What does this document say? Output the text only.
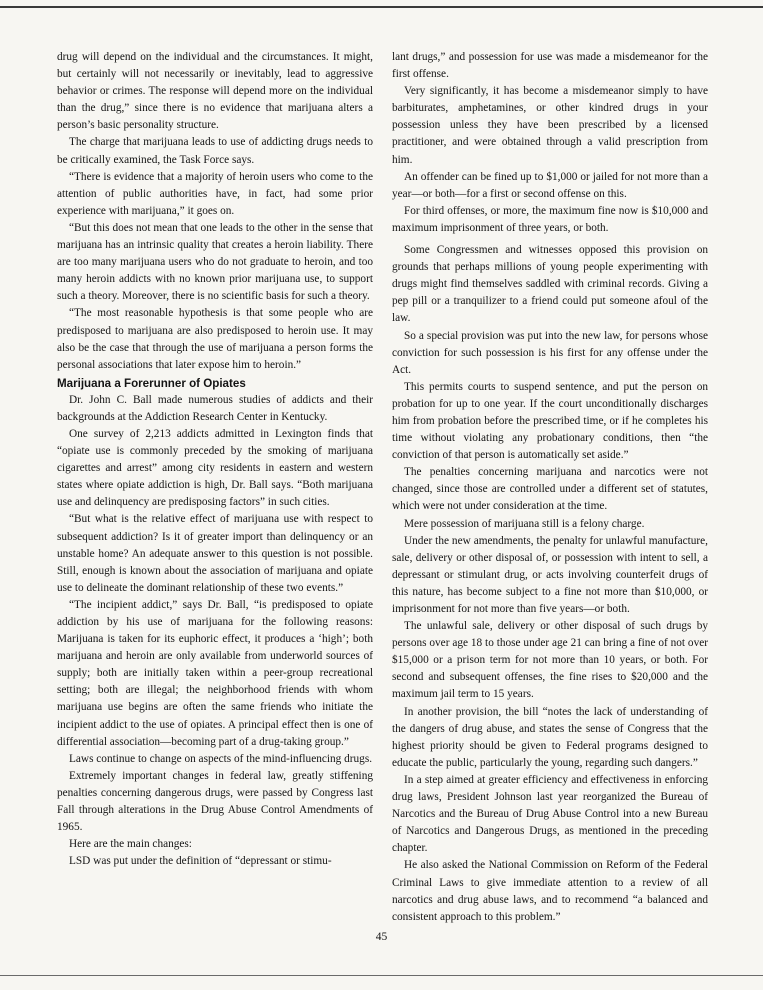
drug will depend on the individual and the circumstances. It might, but certainly will not necessarily or inevitably, lead to aggressive behavior or crimes. The response will depend more on the individual than the drug,” since there is no evidence that marijuana alters a person’s basic personality structure.

The charge that marijuana leads to use of addicting drugs needs to be critically examined, the Task Force says.

“There is evidence that a majority of heroin users who come to the attention of public authorities have, in fact, had some prior experience with marijuana,” it goes on.

“But this does not mean that one leads to the other in the sense that marijuana has an intrinsic quality that creates a heroin liability. There are too many marijuana users who do not graduate to heroin, and too many heroin addicts with no known prior marijuana use, to support such a theory. Moreover, there is no scientific basis for such a theory.

“The most reasonable hypothesis is that some people who are predisposed to marijuana are also predisposed to heroin use. It may also be the case that through the use of marijuana a person forms the personal associations that later expose him to heroin.”

Marijuana a Forerunner of Opiates

Dr. John C. Ball made numerous studies of addicts and their backgrounds at the Addiction Research Center in Kentucky.

One survey of 2,213 addicts admitted in Lexington finds that “opiate use is commonly preceded by the smoking of marijuana cigarettes and arrest” among city residents in eastern and western states where opiate addiction is high, Dr. Ball says. “Both marijuana use and delinquency are predisposing factors” in such cities.

“But what is the relative effect of marijuana use with respect to subsequent addiction? Is it of greater import than delinquency or an unstable home? An adequate answer to this question is not possible. Still, enough is known about the association of marijuana and opiate use to delineate the dominant relationship of these two events.”

“The incipient addict,” says Dr. Ball, “is predisposed to opiate addiction by his use of marijuana for the following reasons: Marijuana is taken for its euphoric effect, it produces a ‘high’; both marijuana and heroin are only available from underworld sources of supply; both are initially taken within a peer-group recreational setting; both are illegal; the neighborhood friends with whom marijuana use begins are often the same friends who initiate the incipient addict to the use of opiates. A principal effect then is one of differential association—becoming part of a drug-taking group.”

Laws continue to change on aspects of the mind-influencing drugs.

Extremely important changes in federal law, greatly stiffening penalties concerning dangerous drugs, were passed by Congress last Fall through alterations in the Drug Abuse Control Amendments of 1965.

Here are the main changes:

LSD was put under the definition of “depressant or stimu-

lant drugs,” and possession for use was made a misdemeanor for the first offense.

Very significantly, it has become a misdemeanor simply to have barbiturates, amphetamines, or other kindred drugs in your possession unless they have been prescribed by a licensed practitioner, and were obtained through a valid prescription from him.

An offender can be fined up to $1,000 or jailed for not more than a year—or both—for a first or second offense on this.

For third offenses, or more, the maximum fine now is $10,000 and maximum imprisonment of three years, or both.

Some Congressmen and witnesses opposed this provision on grounds that perhaps millions of young people experimenting with drugs might find themselves saddled with criminal records. Giving a pep pill or a tranquilizer to a friend could put someone afoul of the law.

So a special provision was put into the new law, for persons whose conviction for such possession is his first for any offense under the Act.

This permits courts to suspend sentence, and put the person on probation for up to one year. If the court unconditionally discharges him from probation before the prescribed time, or if he completes his time without violating any probationary conditions, then “the conviction of that person is automatically set aside.”

The penalties concerning marijuana and narcotics were not changed, since those are controlled under a different set of statutes, which were not under consideration at the time.

Mere possession of marijuana still is a felony charge.

Under the new amendments, the penalty for unlawful manufacture, sale, delivery or other disposal of, or possession with intent to sell, a depressant or stimulant drug, or acts involving counterfeit drugs of this nature, has become subject to a fine not more than $10,000, or imprisonment for not more than five years—or both.

The unlawful sale, delivery or other disposal of such drugs by persons over age 18 to those under age 21 can bring a fine of not over $15,000 or a prison term for not more than 10 years, or both. For second and subsequent offenses, the fine rises to $20,000 and the maximum jail term to 15 years.

In another provision, the bill “notes the lack of understanding of the dangers of drug abuse, and states the sense of Congress that the highest priority should be given to Federal programs designed to educate the public, particularly the young, regarding such dangers.”

In a step aimed at greater efficiency and effectiveness in enforcing drug laws, President Johnson last year reorganized the Bureau of Narcotics and the Bureau of Drug Abuse Control into a new Bureau of Narcotics and Dangerous Drugs, as mentioned in the preceding chapter.

He also asked the National Commission on Reform of the Federal Criminal Laws to give immediate attention to a review of all narcotics and drug abuse laws, and to recommend “a balanced and consistent approach to this problem.”

45
